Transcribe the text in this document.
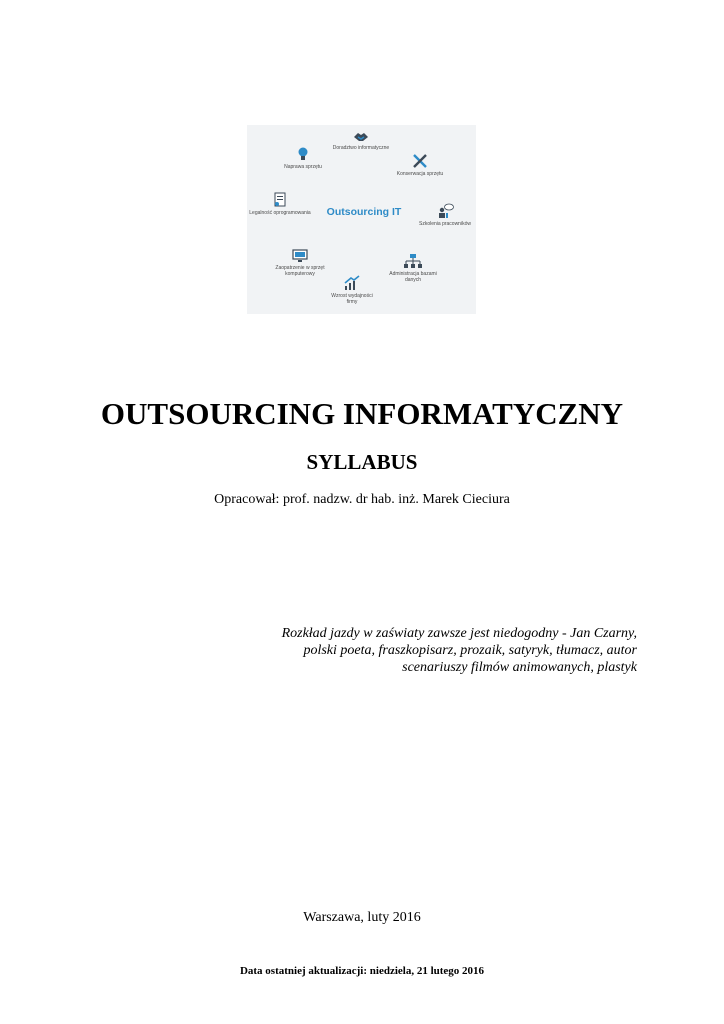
Doradztwo informatyczne
Naprawa sprzętu
Konserwacja sprzętu
Legalność oprogramowania	Outsourcing IT
Szkolenia pracowników
Zaopatrzenie w sprzęt komputerowy	Administracja bazami danych
Wzrost wydajności firmy
OUTSOURCING INFORMATYCZNY
SYLLABUS
Opracował: prof. nadzw. dr hab. inż. Marek Cieciura
Rozkład jazdy w zaświaty zawsze jest niedogodny - Jan Czarny,
polski poeta, fraszkopisarz, prozaik, satyryk, tłumacz, autor
scenariuszy filmów animowanych, plastyk
Warszawa, luty 2016
Data ostatniej aktualizacji: niedziela, 21 lutego 2016
